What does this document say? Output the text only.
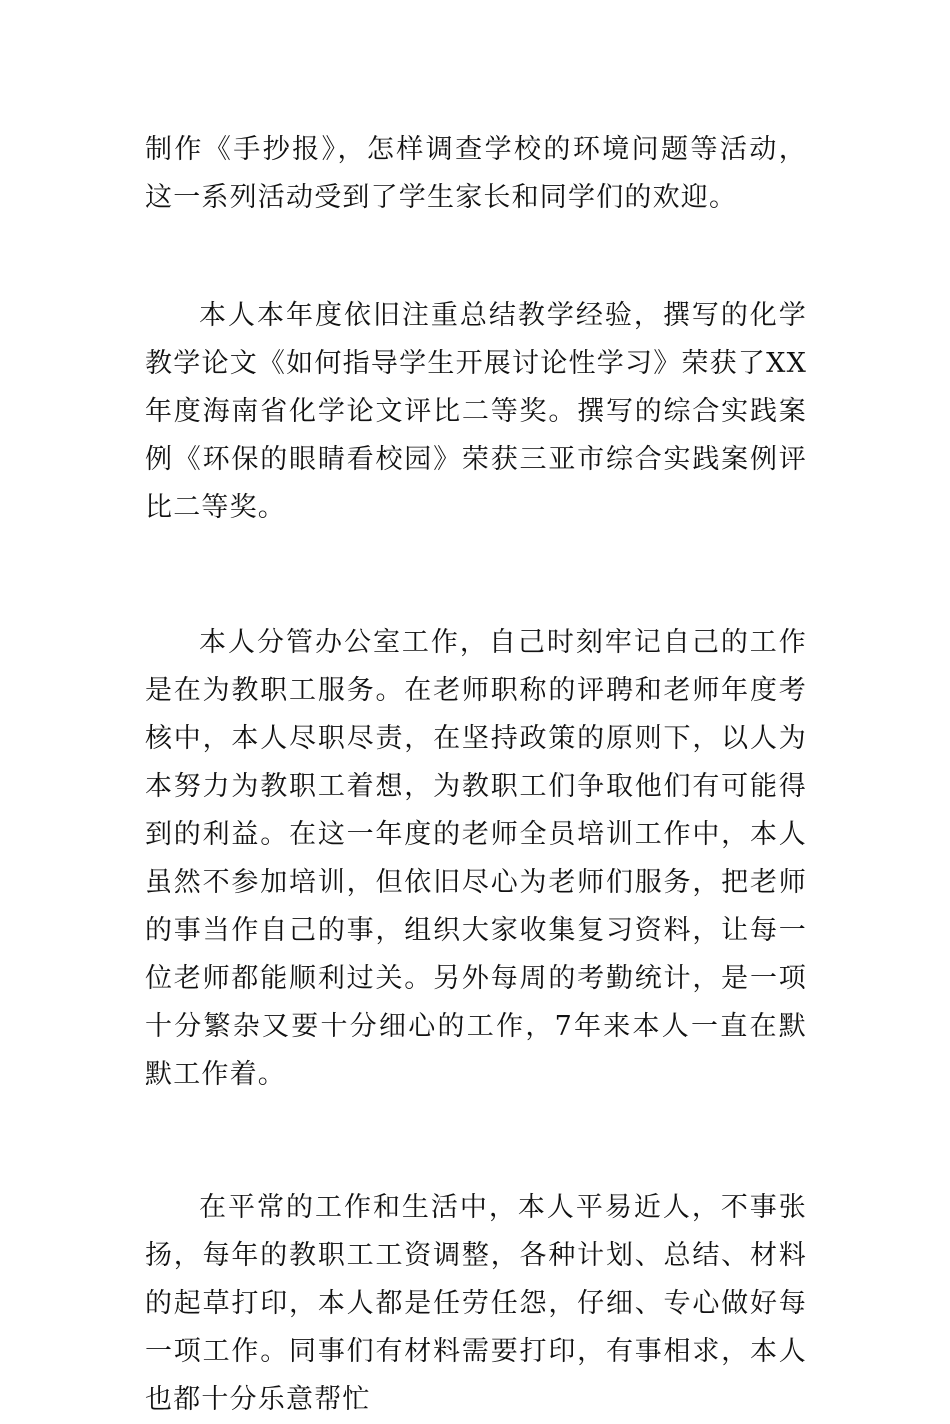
制作《手抄报》，怎样调查学校的环境问题等活动，这一系列活动受到了学生家长和同学们的欢迎。

本人本年度依旧注重总结教学经验，撰写的化学教学论文《如何指导学生开展讨论性学习》荣获了XX年度海南省化学论文评比二等奖。撰写的综合实践案例《环保的眼睛看校园》荣获三亚市综合实践案例评比二等奖。

本人分管办公室工作，自己时刻牢记自己的工作是在为教职工服务。在老师职称的评聘和老师年度考核中，本人尽职尽责，在坚持政策的原则下，以人为本努力为教职工着想，为教职工们争取他们有可能得到的利益。在这一年度的老师全员培训工作中，本人虽然不参加培训，但依旧尽心为老师们服务，把老师的事当作自己的事，组织大家收集复习资料，让每一位老师都能顺利过关。另外每周的考勤统计，是一项十分繁杂又要十分细心的工作，7年来本人一直在默默工作着。

在平常的工作和生活中，本人平易近人，不事张扬，每年的教职工工资调整，各种计划、总结、材料的起草打印，本人都是任劳任怨，仔细、专心做好每一项工作。同事们有材料需要打印，有事相求，本人也都十分乐意帮忙
